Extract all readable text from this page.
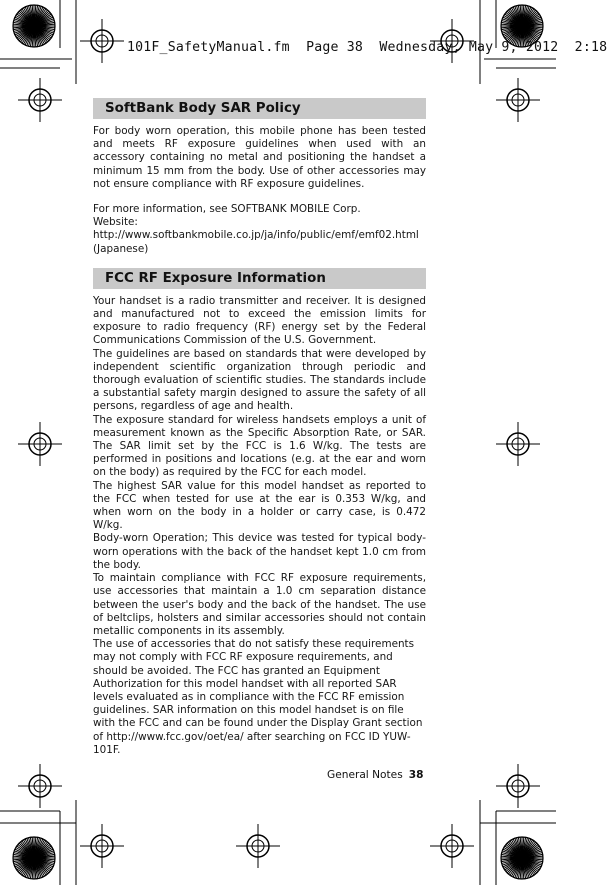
101F_SafetyManual.fm  Page 38  Wednesday, May 9, 2012  2:18
SoftBank Body SAR Policy

For body worn operation, this mobile phone has been tested and meets RF exposure guidelines when used with an accessory containing no metal and positioning the handset a minimum 15 mm from the body. Use of other accessories may not ensure compliance with RF exposure guidelines.

For more information, see SOFTBANK MOBILE Corp.

Website: http://www.softbankmobile.co.jp/ja/info/public/emf/emf02.html (Japanese)

FCC RF Exposure Information

Your handset is a radio transmitter and receiver. It is designed and manufactured not to exceed the emission limits for exposure to radio frequency (RF) energy set by the Federal Communications Commission of the U.S. Government.

The guidelines are based on standards that were developed by independent scientific organization through periodic and thorough evaluation of scientific studies. The standards include a substantial safety margin designed to assure the safety of all persons, regardless of age and health.

The exposure standard for wireless handsets employs a unit of measurement known as the Specific Absorption Rate, or SAR. The SAR limit set by the FCC is 1.6 W/kg. The tests are performed in positions and locations (e.g. at the ear and worn on the body) as required by the FCC for each model.

The highest SAR value for this model handset as reported to the FCC when tested for use at the ear is 0.353 W/kg, and when worn on the body in a holder or carry case, is 0.472 W/kg.

Body-worn Operation; This device was tested for typical body-worn operations with the back of the handset kept 1.0 cm from the body.

To maintain compliance with FCC RF exposure requirements, use accessories that maintain a 1.0 cm separation distance between the user's body and the back of the handset. The use of beltclips, holsters and similar accessories should not contain metallic components in its assembly.

The use of accessories that do not satisfy these requirements may not comply with FCC RF exposure requirements, and should be avoided. The FCC has granted an Equipment Authorization for this model handset with all reported SAR levels evaluated as in compliance with the FCC RF emission guidelines. SAR information on this model handset is on file with the FCC and can be found under the Display Grant section of http://www.fcc.gov/oet/ea/ after searching on FCC ID YUW-101F.

General Notes 38
